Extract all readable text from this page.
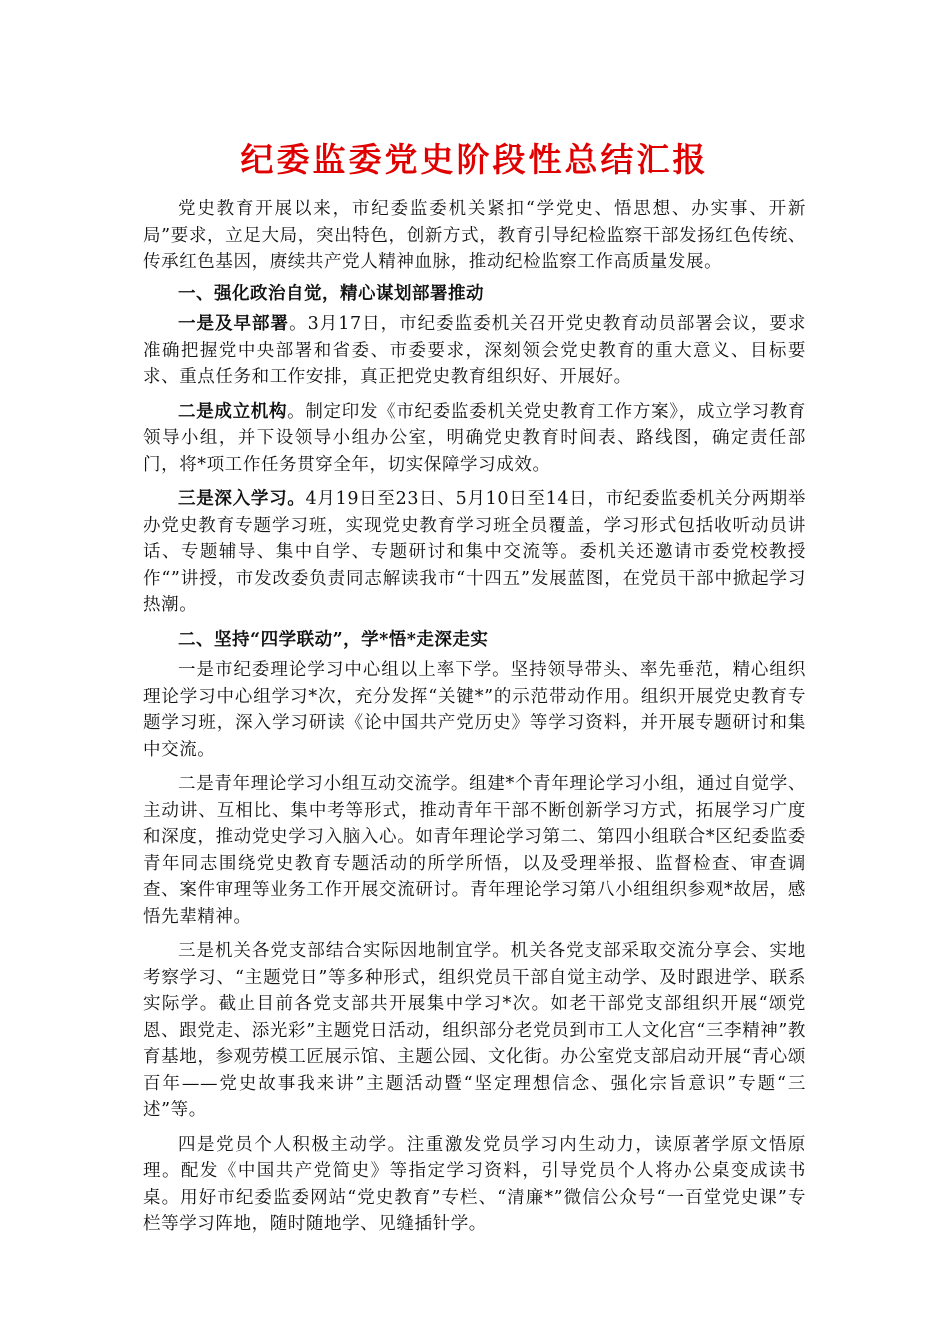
纪委监委党史阶段性总结汇报

党史教育开展以来，市纪委监委机关紧扣“学党史、悟思想、办实事、开新局”要求，立足大局，突出特色，创新方式，教育引导纪检监察干部发扬红色传统、传承红色基因，赓续共产党人精神血脉，推动纪检监察工作高质量发展。

一、强化政治自觉，精心谋划部署推动

一是及早部署。3月17日，市纪委监委机关召开党史教育动员部署会议，要求准确把握党中央部署和省委、市委要求，深刻领会党史教育的重大意义、目标要求、重点任务和工作安排，真正把党史教育组织好、开展好。

二是成立机构。制定印发《市纪委监委机关党史教育工作方案》，成立学习教育领导小组，并下设领导小组办公室，明确党史教育时间表、路线图，确定责任部门，将*项工作任务贯穿全年，切实保障学习成效。

三是深入学习。4月19日至23日、5月10日至14日，市纪委监委机关分两期举办党史教育专题学习班，实现党史教育学习班全员覆盖，学习形式包括收听动员讲话、专题辅导、集中自学、专题研讨和集中交流等。委机关还邀请市委党校教授作“”讲授，市发改委负责同志解读我市“十四五”发展蓝图，在党员干部中掀起学习热潮。

二、坚持“四学联动”，学*悟*走深走实

一是市纪委理论学习中心组以上率下学。坚持领导带头、率先垂范，精心组织理论学习中心组学习*次，充分发挥“关键*”的示范带动作用。组织开展党史教育专题学习班，深入学习研读《论中国共产党历史》等学习资料，并开展专题研讨和集中交流。

二是青年理论学习小组互动交流学。组建*个青年理论学习小组，通过自觉学、主动讲、互相比、集中考等形式，推动青年干部不断创新学习方式，拓展学习广度和深度，推动党史学习入脑入心。如青年理论学习第二、第四小组联合*区纪委监委青年同志围绕党史教育专题活动的所学所悟，以及受理举报、监督检查、审查调查、案件审理等业务工作开展交流研讨。青年理论学习第八小组组织参观*故居，感悟先辈精神。

三是机关各党支部结合实际因地制宜学。机关各党支部采取交流分享会、实地考察学习、“主题党日”等多种形式，组织党员干部自觉主动学、及时跟进学、联系实际学。截止目前各党支部共开展集中学习*次。如老干部党支部组织开展“颂党恩、跟党走、添光彩”主题党日活动，组织部分老党员到市工人文化宫“三李精神”教育基地，参观劳模工匠展示馆、主题公园、文化街。办公室党支部启动开展“青心颂百年——党史故事我来讲”主题活动暨“坚定理想信念、强化宗旨意识”专题“三述”等。

四是党员个人积极主动学。注重激发党员学习内生动力，读原著学原文悟原理。配发《中国共产党简史》等指定学习资料，引导党员个人将办公桌变成读书桌。用好市纪委监委网站“党史教育”专栏、“清廉*”微信公众号“一百堂党史课”专栏等学习阵地，随时随地学、见缝插针学。
